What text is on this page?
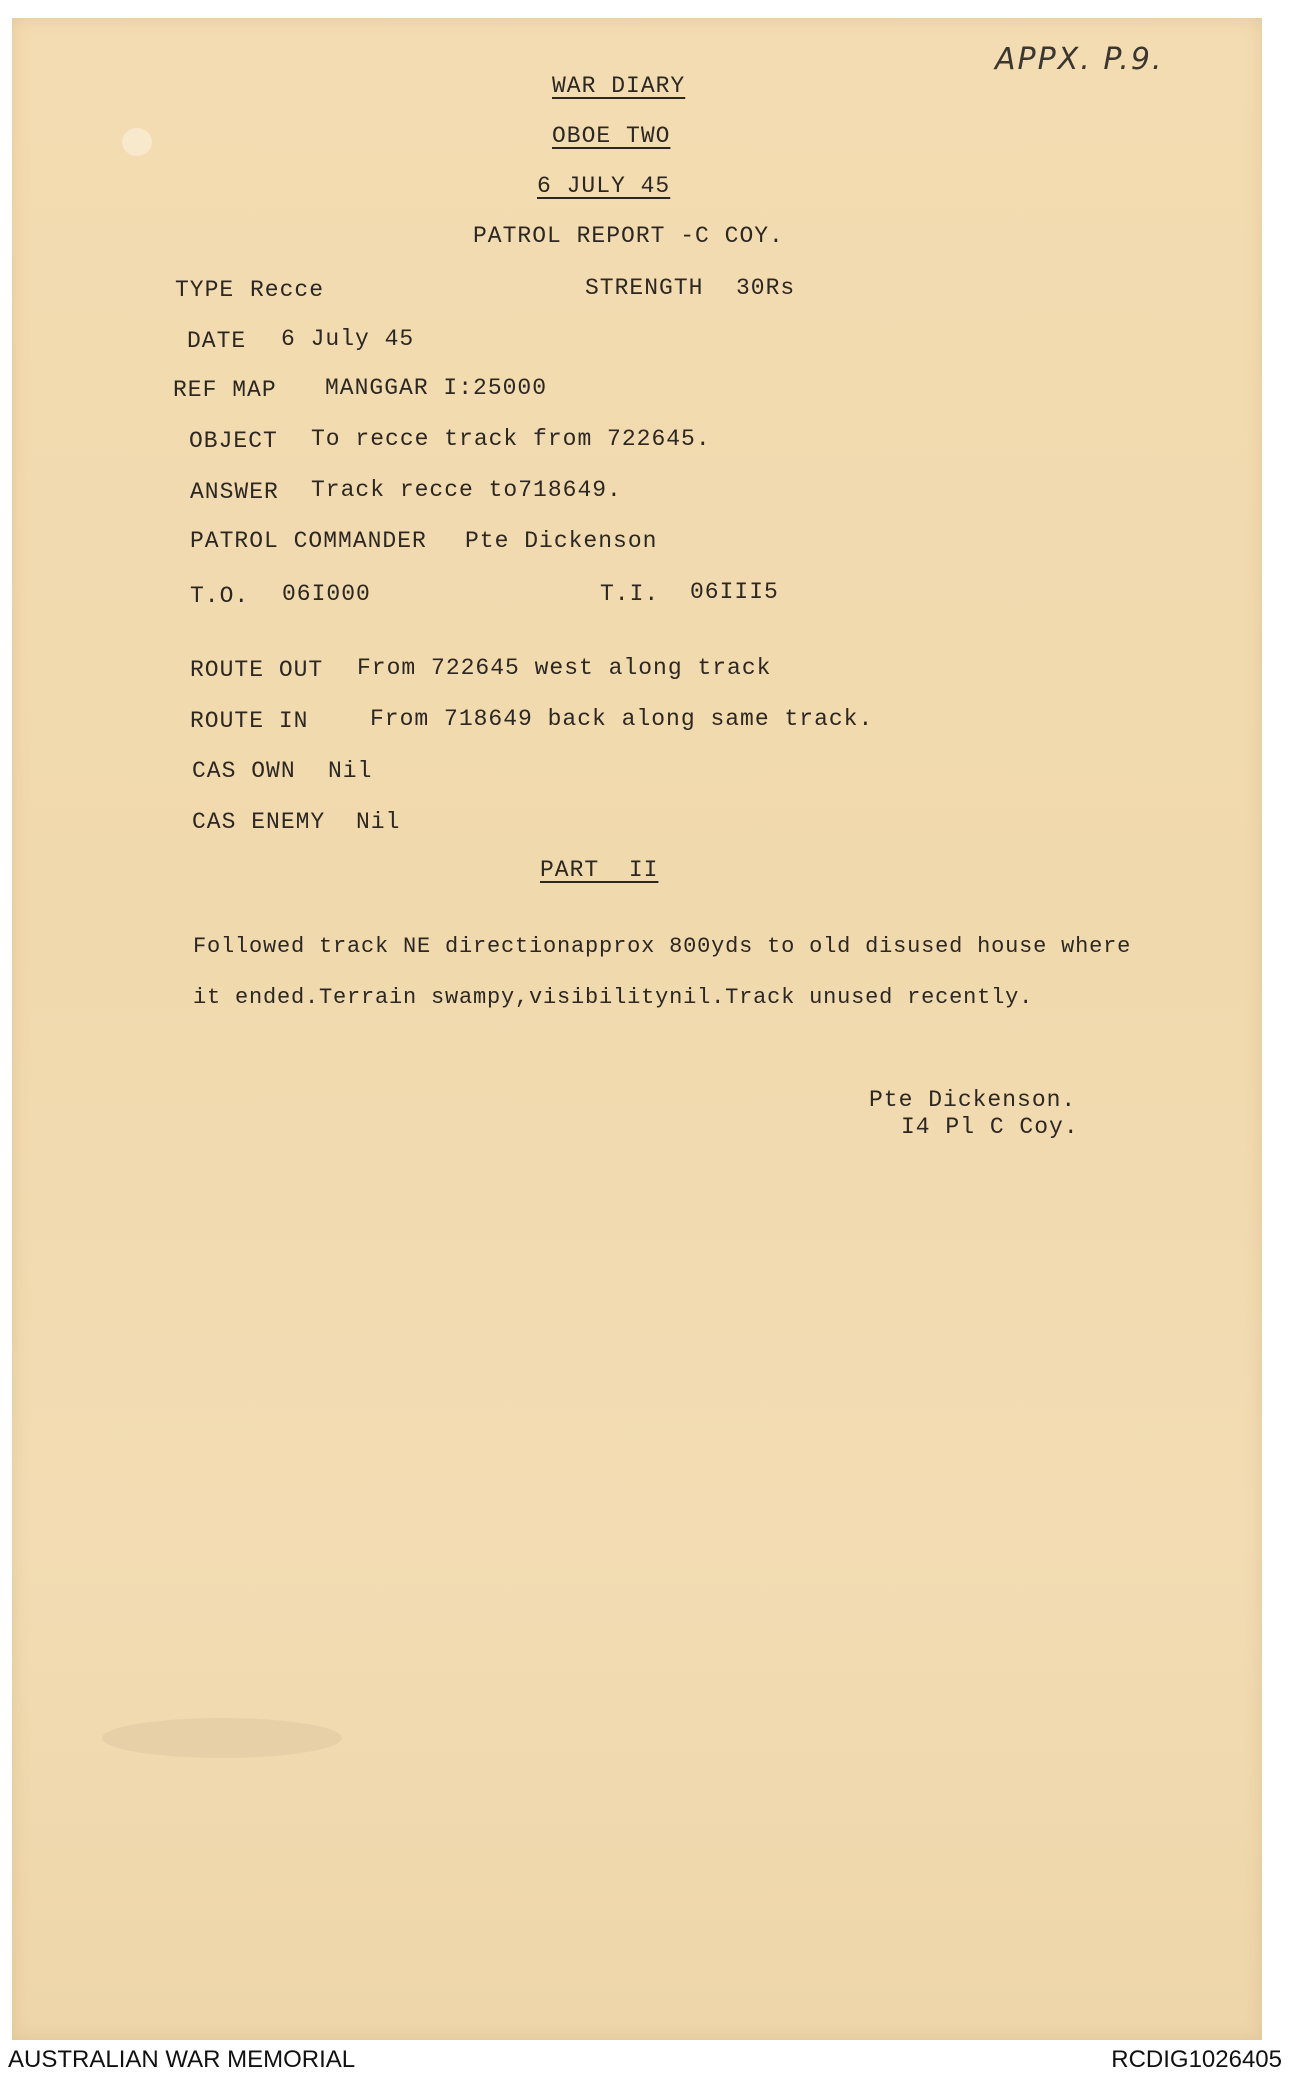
APPX. P.9.
WAR DIARY
OBOE TWO
6 JULY 45
PATROL REPORT -C COY.
TYPE Recce	STRENGTH 30Rs
DATE 6 July 45
REF MAP MANGGAR I:25000
OBJECT To recce track from 722645.
ANSWER Track recce to718649.
PATROL COMMANDER Pte Dickenson
T.O. 06I000	T.I. 06III5
ROUTE OUT From 722645 west along track
ROUTE IN	From 718649 back along same track.
CAS OWN Nil
CAS ENEMY Nil
PART  II
Followed track NE directionapprox 800yds to old disused house where
it ended.Terrain swampy,visibilitynil.Track unused recently.
Pte Dickenson.
I4 Pl C Coy.
AUSTRALIAN WAR MEMORIAL	RCDIG1026405
